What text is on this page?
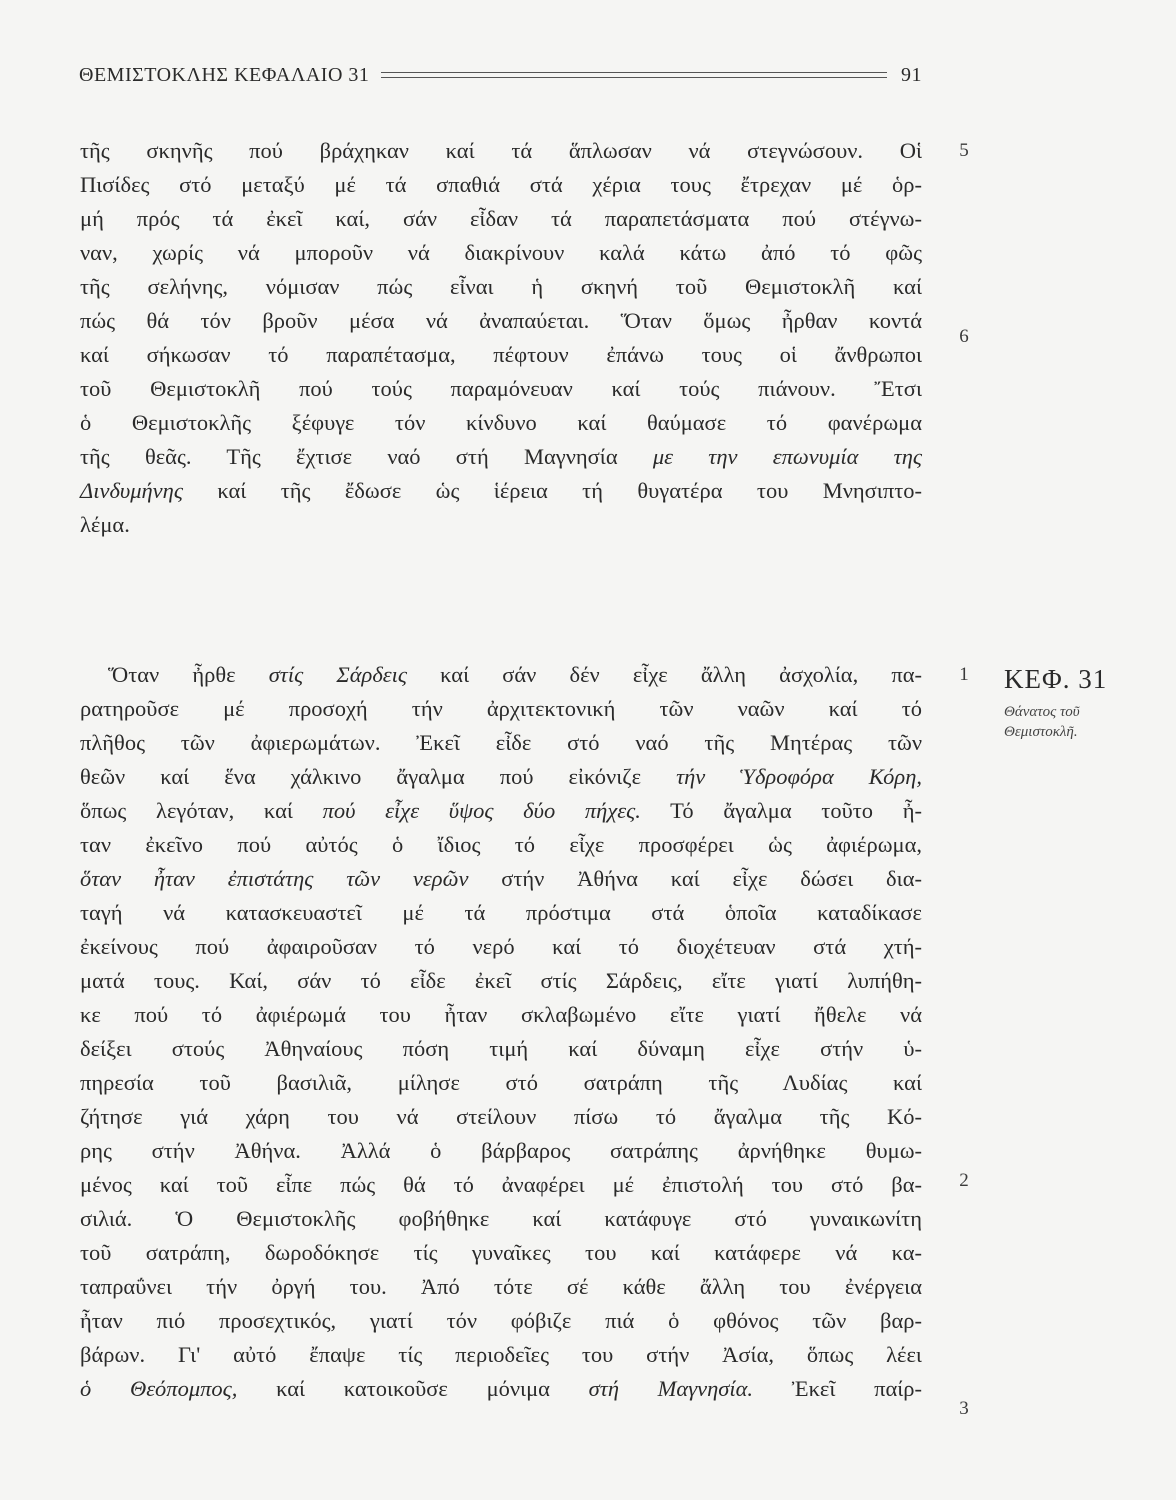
ΘΕΜΙΣΤΟΚΛΗΣ ΚΕΦΑΛΑΙΟ 31	91
τῆς σκηνῆς πού βράχηκαν καί τά ἅπλωσαν νά στεγνώσουν. Οἱ
Πισίδες στό μεταξύ μέ τά σπαθιά στά χέρια τους ἔτρεχαν μέ ὁρ-
μή πρός τά ἐκεῖ καί, σάν εἶδαν τά παραπετάσματα πού στέγνω-
ναν, χωρίς νά μποροῦν νά διακρίνουν καλά κάτω ἀπό τό φῶς
τῆς σελήνης, νόμισαν πώς εἶναι ἡ σκηνή τοῦ Θεμιστοκλῆ καί
πώς θά τόν βροῦν μέσα νά ἀναπαύεται. Ὅταν ὅμως ἦρθαν κοντά
καί σήκωσαν τό παραπέτασμα, πέφτουν ἐπάνω τους οἱ ἄνθρωποι
τοῦ Θεμιστοκλῆ πού τούς παραμόνευαν καί τούς πιάνουν. Ἔτσι
ὁ Θεμιστοκλῆς ξέφυγε τόν κίνδυνο καί θαύμασε τό φανέρωμα
τῆς θεᾶς. Τῆς ἔχτισε ναό στή Μαγνησία με την επωνυμία της
Δινδυμήνης καί τῆς ἔδωσε ὡς ἱέρεια τή θυγατέρα του Μνησιπτο-
λέμα.
Ὅταν ἦρθε στίς Σάρδεις καί σάν δέν εἶχε ἄλλη ἀσχολία, πα-
ρατηροῦσε μέ προσοχή τήν ἀρχιτεκτονική τῶν ναῶν καί τό
πλῆθος τῶν ἀφιερωμάτων. Ἐκεῖ εἶδε στό ναό τῆς Μητέρας τῶν
θεῶν καί ἕνα χάλκινο ἄγαλμα πού εἰκόνιζε τήν Ὑδροφόρα Κόρη,
ὅπως λεγόταν, καί πού εἶχε ὕψος δύο πήχες. Τό ἄγαλμα τοῦτο ἦ-
ταν ἐκεῖνο πού αὐτός ὁ ἴδιος τό εἶχε προσφέρει ὡς ἀφιέρωμα,
ὅταν ἦταν ἐπιστάτης τῶν νερῶν στήν Ἀθήνα καί εἶχε δώσει δια-
ταγή νά κατασκευαστεῖ μέ τά πρόστιμα στά ὁποῖα καταδίκασε
ἐκείνους πού ἀφαιροῦσαν τό νερό καί τό διοχέτευαν στά χτή-
ματά τους. Καί, σάν τό εἶδε ἐκεῖ στίς Σάρδεις, εἴτε γιατί λυπήθη-
κε πού τό ἀφιέρωμά του ἦταν σκλαβωμένο εἴτε γιατί ἤθελε νά
δείξει στούς Ἀθηναίους πόση τιμή καί δύναμη εἶχε στήν ὑ-
πηρεσία τοῦ βασιλιᾶ, μίλησε στό σατράπη τῆς Λυδίας καί
ζήτησε γιά χάρη του νά στείλουν πίσω τό ἄγαλμα τῆς Κό-
ρης στήν Ἀθήνα. Ἀλλά ὁ βάρβαρος σατράπης ἀρνήθηκε θυμω-
μένος καί τοῦ εἶπε πώς θά τό ἀναφέρει μέ ἐπιστολή του στό βα-
σιλιά. Ὁ Θεμιστοκλῆς φοβήθηκε καί κατάφυγε στό γυναικωνίτη
τοῦ σατράπη, δωροδόκησε τίς γυναῖκες του καί κατάφερε νά κα-
ταπραΰνει τήν ὀργή του. Ἀπό τότε σέ κάθε ἄλλη του ἐνέργεια
ἦταν πιό προσεχτικός, γιατί τόν φόβιζε πιά ὁ φθόνος τῶν βαρ-
βάρων. Γι' αὐτό ἔπαψε τίς περιοδεῖες του στήν Ἀσία, ὅπως λέει
ὁ Θεόπομπος, καί κατοικοῦσε μόνιμα στή Μαγνησία. Ἐκεῖ παίρ-
5
6
1
2
3
ΚΕΦ. 31
Θάνατος τοῦ
Θεμιστοκλῆ.
